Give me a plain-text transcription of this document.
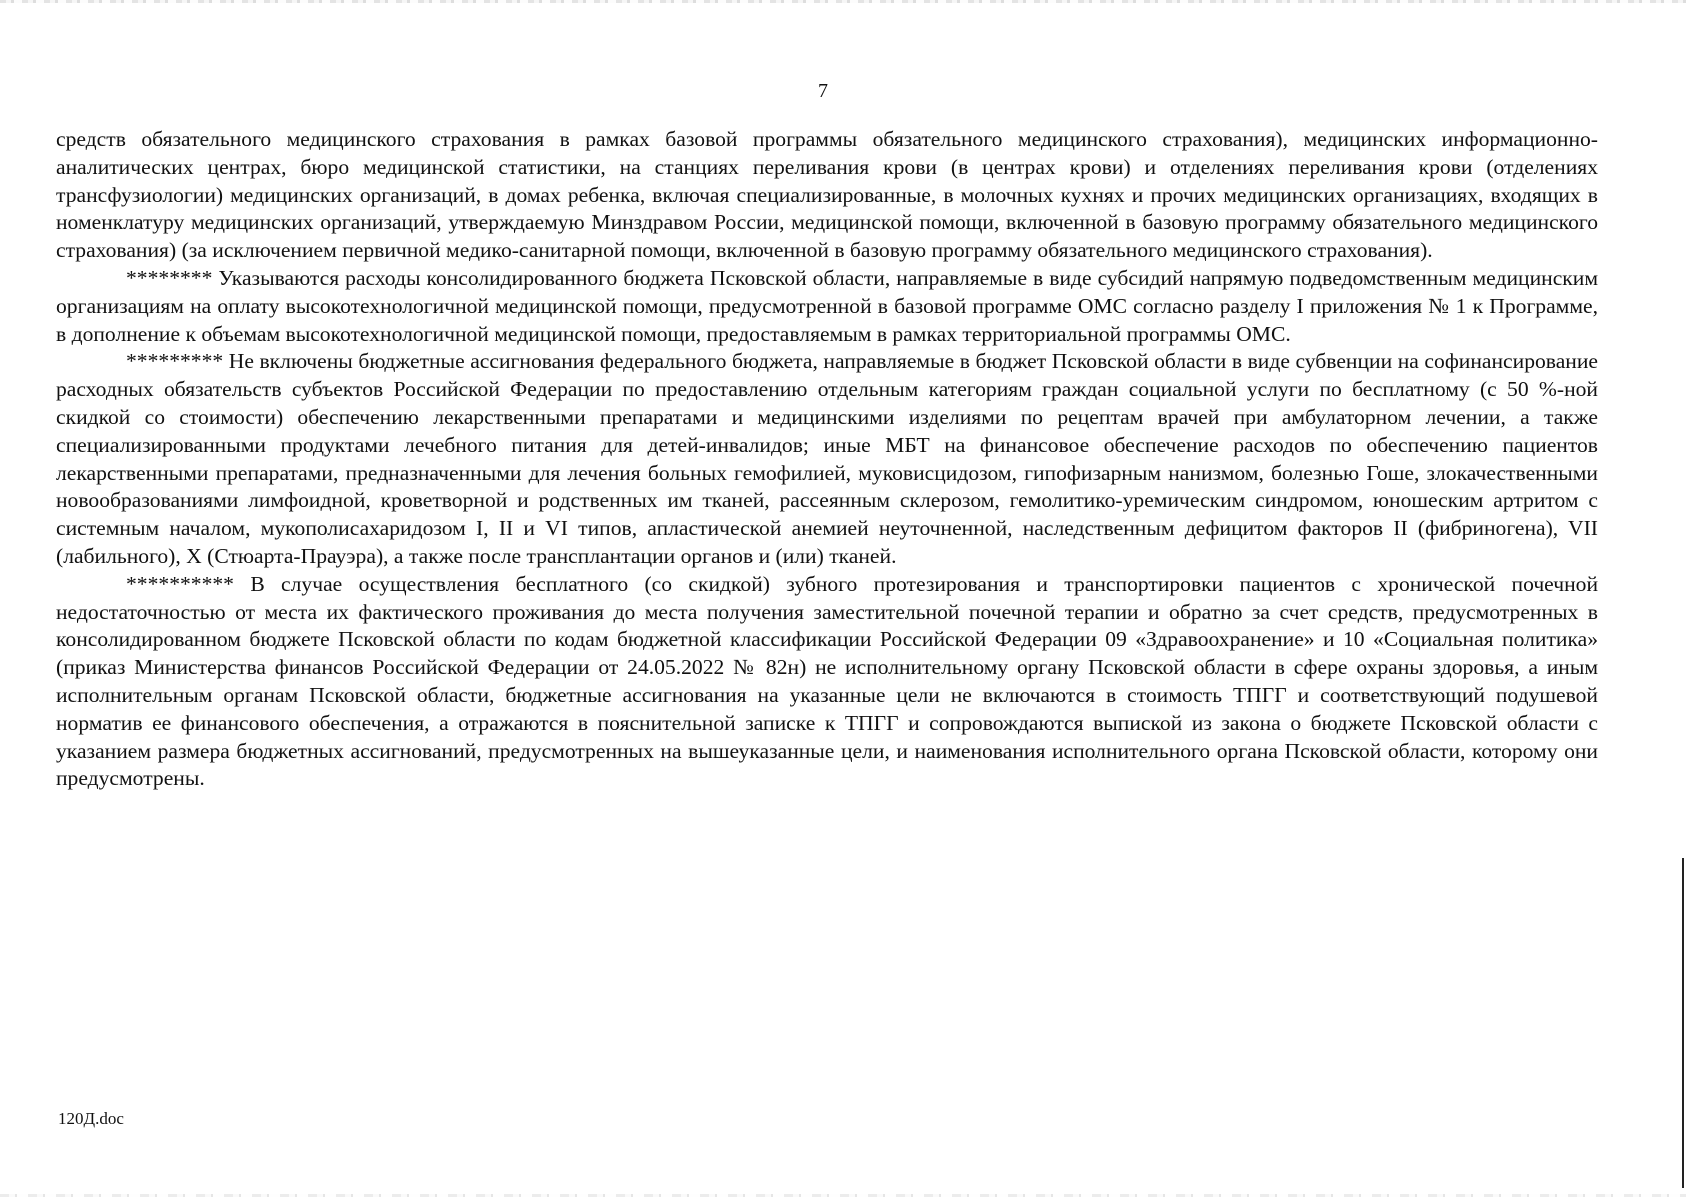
7

средств обязательного медицинского страхования в рамках базовой программы обязательного медицинского страхования), медицинских информационно-аналитических центрах, бюро медицинской статистики, на станциях переливания крови (в центрах крови) и отделениях переливания крови (отделениях трансфузиологии) медицинских организаций, в домах ребенка, включая специализированные, в молочных кухнях и прочих медицинских организациях, входящих в номенклатуру медицинских организаций, утверждаемую Минздравом России, медицинской помощи, включенной в базовую программу обязательного медицинского страхования) (за исключением первичной медико-санитарной помощи, включенной в базовую программу обязательного медицинского страхования).

******** Указываются расходы консолидированного бюджета Псковской области, направляемые в виде субсидий напрямую подведомственным медицинским организациям на оплату высокотехнологичной медицинской помощи, предусмотренной в базовой программе ОМС согласно разделу I приложения № 1 к Программе, в дополнение к объемам высокотехнологичной медицинской помощи, предоставляемым в рамках территориальной программы ОМС.

********* Не включены бюджетные ассигнования федерального бюджета, направляемые в бюджет Псковской области в виде субвенции на софинансирование расходных обязательств субъектов Российской Федерации по предоставлению отдельным категориям граждан социальной услуги по бесплатному (с 50 %-ной скидкой со стоимости) обеспечению лекарственными препаратами и медицинскими изделиями по рецептам врачей при амбулаторном лечении, а также специализированными продуктами лечебного питания для детей-инвалидов; иные МБТ на финансовое обеспечение расходов по обеспечению пациентов лекарственными препаратами, предназначенными для лечения больных гемофилией, муковисцидозом, гипофизарным нанизмом, болезнью Гоше, злокачественными новообразованиями лимфоидной, кроветворной и родственных им тканей, рассеянным склерозом, гемолитико-уремическим синдромом, юношеским артритом с системным началом, мукополисахаридозом I, II и VI типов, апластической анемией неуточненной, наследственным дефицитом факторов II (фибриногена), VII (лабильного), X (Стюарта-Прауэра), а также после трансплантации органов и (или) тканей.

********** В случае осуществления бесплатного (со скидкой) зубного протезирования и транспортировки пациентов с хронической почечной недостаточностью от места их фактического проживания до места получения заместительной почечной терапии и обратно за счет средств, предусмотренных в консолидированном бюджете Псковской области по кодам бюджетной классификации Российской Федерации 09 «Здравоохранение» и 10 «Социальная политика» (приказ Министерства финансов Российской Федерации от 24.05.2022 № 82н) не исполнительному органу Псковской области в сфере охраны здоровья, а иным исполнительным органам Псковской области, бюджетные ассигнования на указанные цели не включаются в стоимость ТПГГ и соответствующий подушевой норматив ее финансового обеспечения, а отражаются в пояснительной записке к ТПГГ и сопровождаются выпиской из закона о бюджете Псковской области с указанием размера бюджетных ассигнований, предусмотренных на вышеуказанные цели, и наименования исполнительного органа Псковской области, которому они предусмотрены.

120Д.doc
